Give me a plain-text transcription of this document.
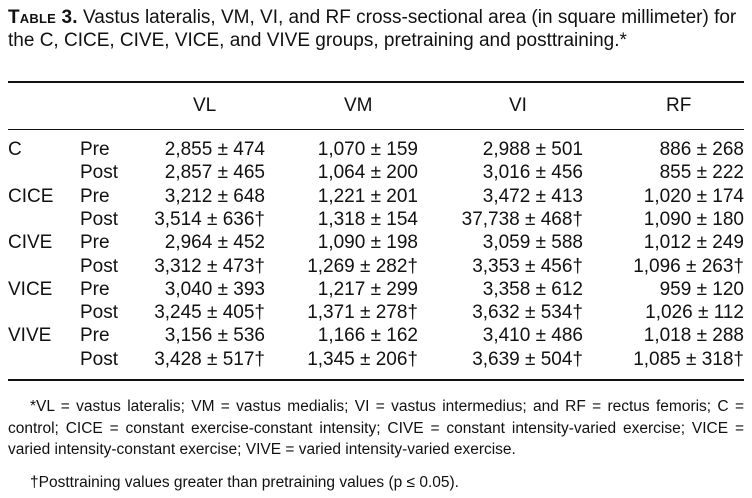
Table 3. Vastus lateralis, VM, VI, and RF cross-sectional area (in square millimeter) for the C, CICE, CIVE, VICE, and VIVE groups, pretraining and posttraining.*
VL	VM	VI	RF
C	Pre	2,855 ± 474	1,070 ± 159	2,988 ± 501	886 ± 268
Post 2,857 ± 465	1,064 ± 200	3,016 ± 456	855 ± 222
CICE Pre	3,212 ± 648	1,221 ± 201	3,472 ± 413	1,020 ± 174
Post 3,514 ± 636†	1,318 ± 154 37,738 ± 468†	1,090 ± 180
CIVE Pre	2,964 ± 452	1,090 ± 198	3,059 ± 588	1,012 ± 249
Post 3,312 ± 473† 1,269 ± 282†	3,353 ± 456†	1,096 ± 263†
VICE Pre	3,040 ± 393	1,217 ± 299	3,358 ± 612	959 ± 120
Post 3,245 ± 405† 1,371 ± 278†	3,632 ± 534†	1,026 ± 112
VIVE Pre	3,156 ± 536	1,166 ± 162	3,410 ± 486	1,018 ± 288
Post 3,428 ± 517† 1,345 ± 206†	3,639 ± 504†	1,085 ± 318†
*VL = vastus lateralis; VM = vastus medialis; VI = vastus intermedius; and RF = rectus femoris; C = control; CICE = constant exercise-constant intensity; CIVE = constant intensity-varied exercise; VICE = varied intensity-constant exercise; VIVE = varied intensity-varied exercise.
†Posttraining values greater than pretraining values (p ≤ 0.05).
